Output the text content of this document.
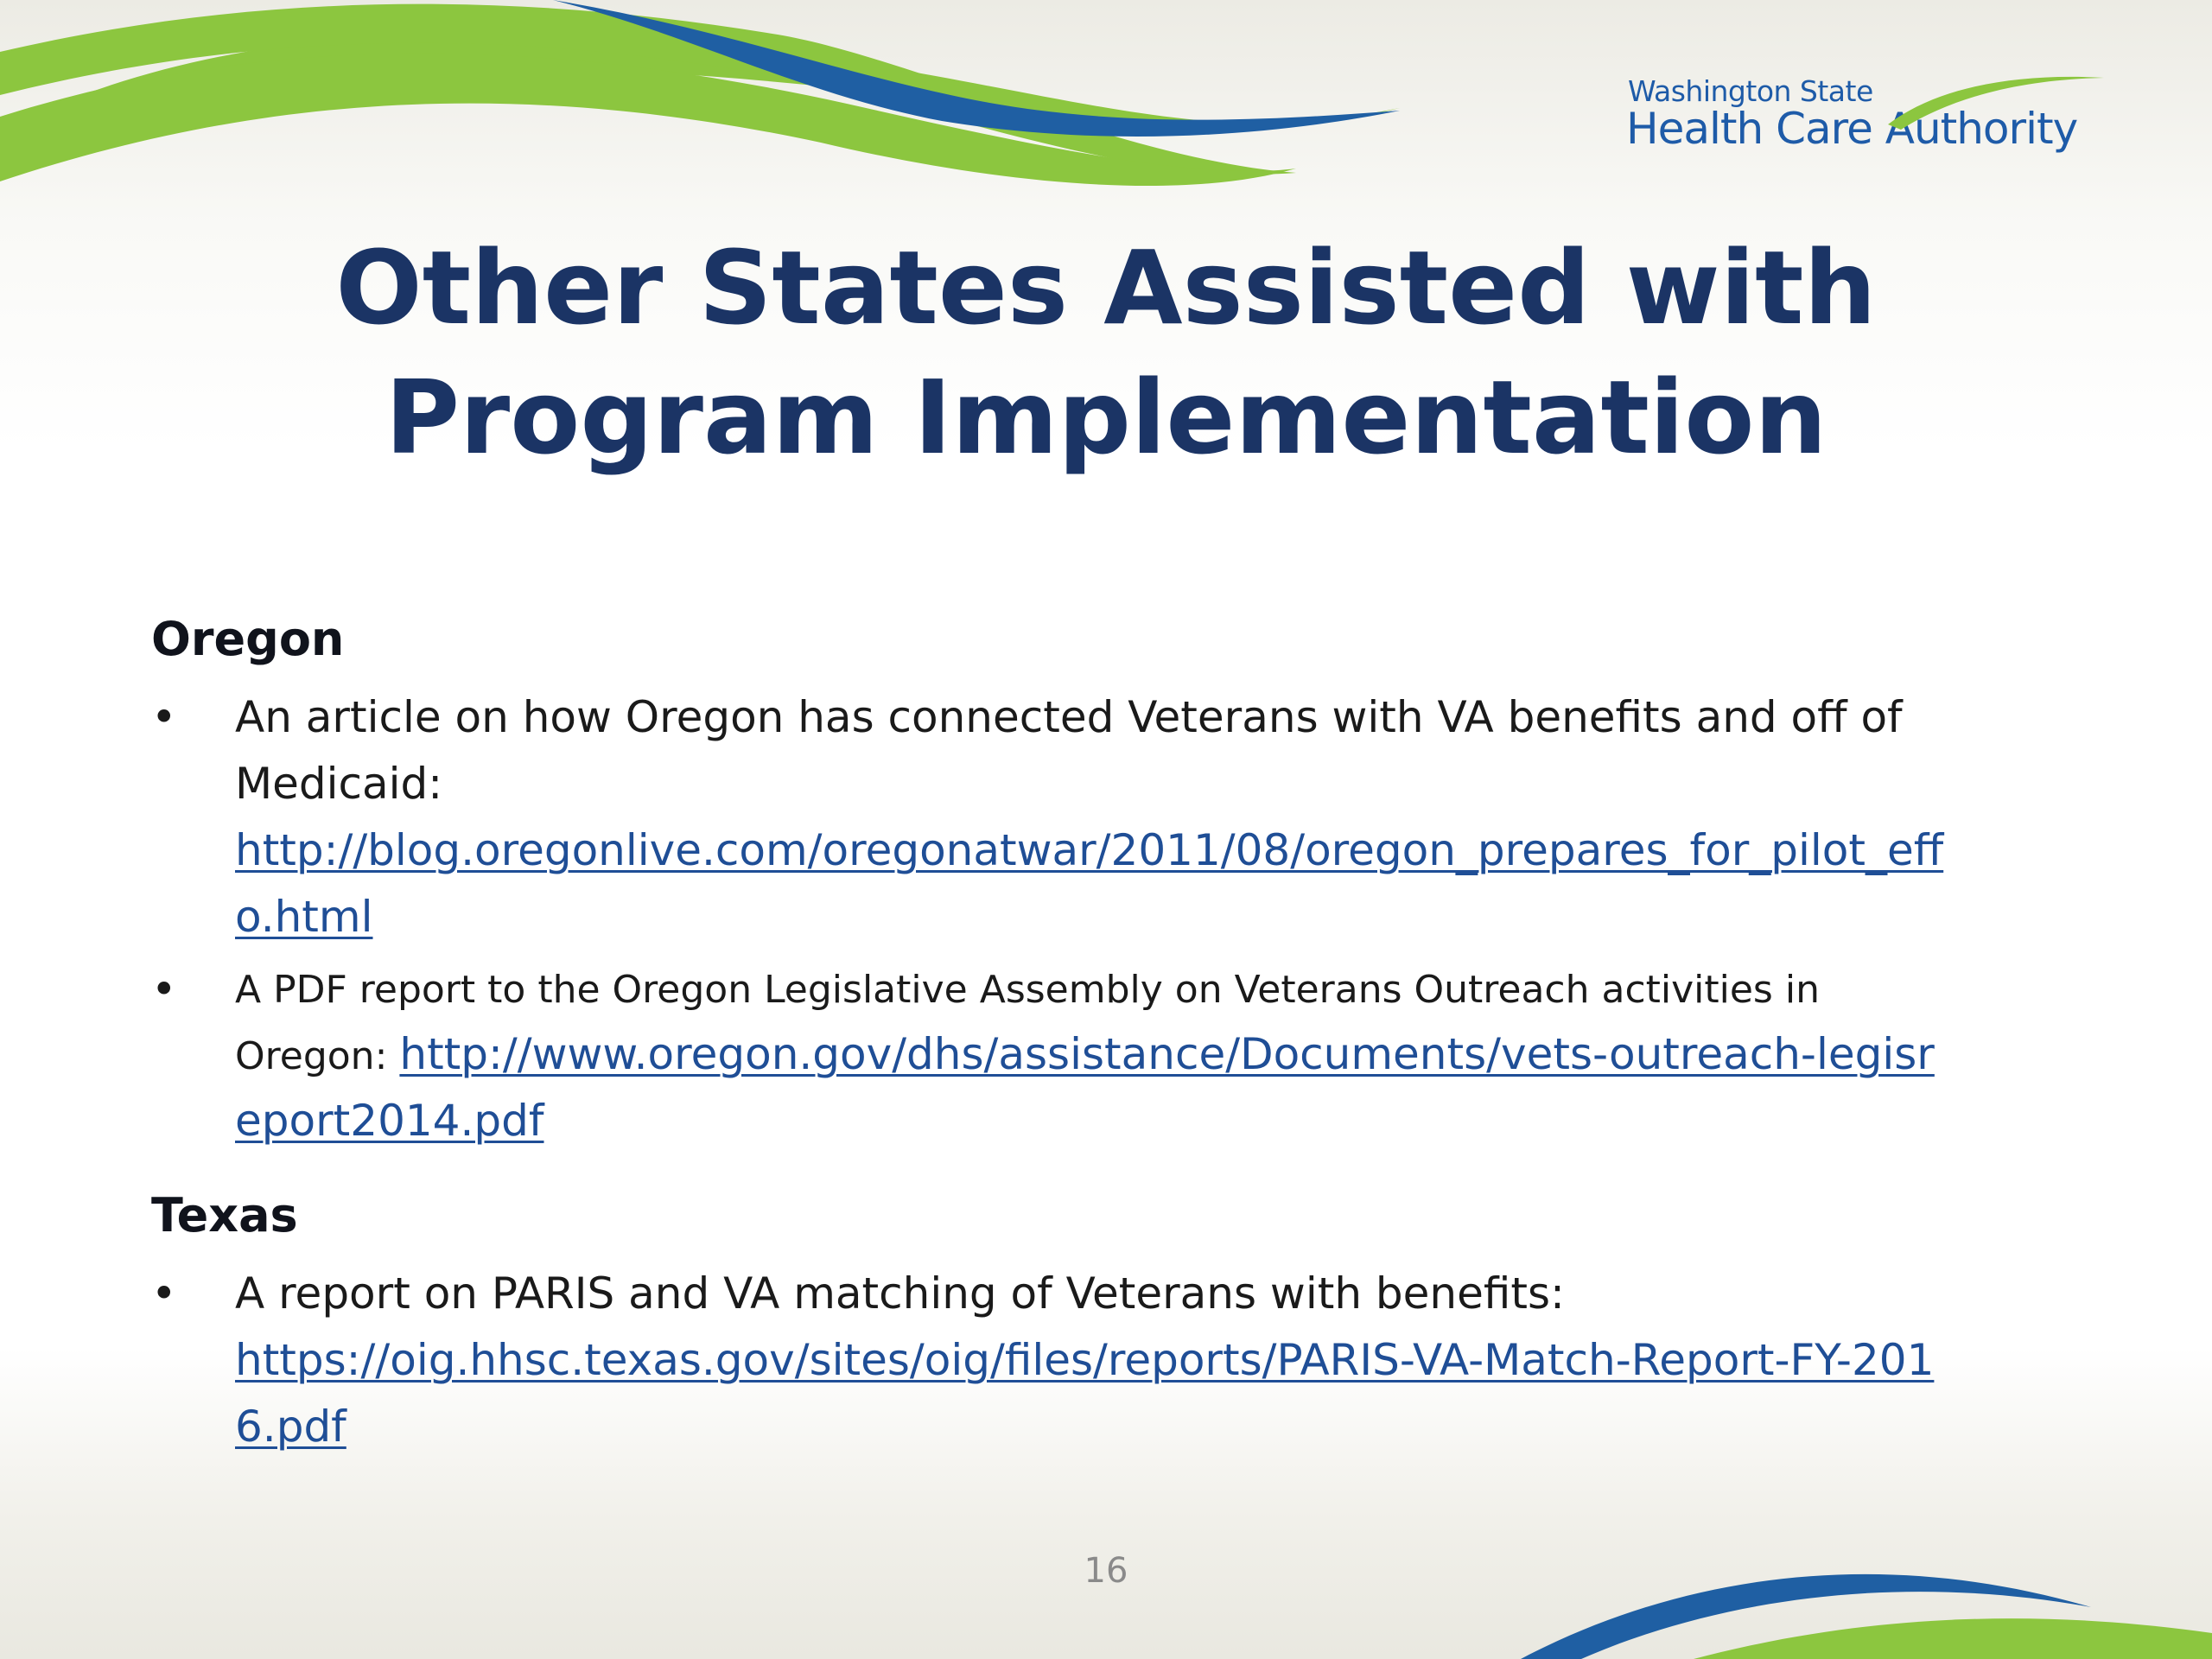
Washington State
Health Care Authority
Other States Assisted with Program Implementation

Oregon

• An article on how Oregon has connected Veterans with VA benefits and off of Medicaid:
http://blog.oregonlive.com/oregonatwar/2011/08/oregon_prepares_for_pilot_effo.html
• A PDF report to the Oregon Legislative Assembly on Veterans Outreach activities in Oregon: http://www.oregon.gov/dhs/assistance/Documents/vets-outreach-legisreport2014.pdf

Texas

• A report on PARIS and VA matching of Veterans with benefits:
https://oig.hhsc.texas.gov/sites/oig/files/reports/PARIS-VA-Match-Report-FY-2016.pdf
16
